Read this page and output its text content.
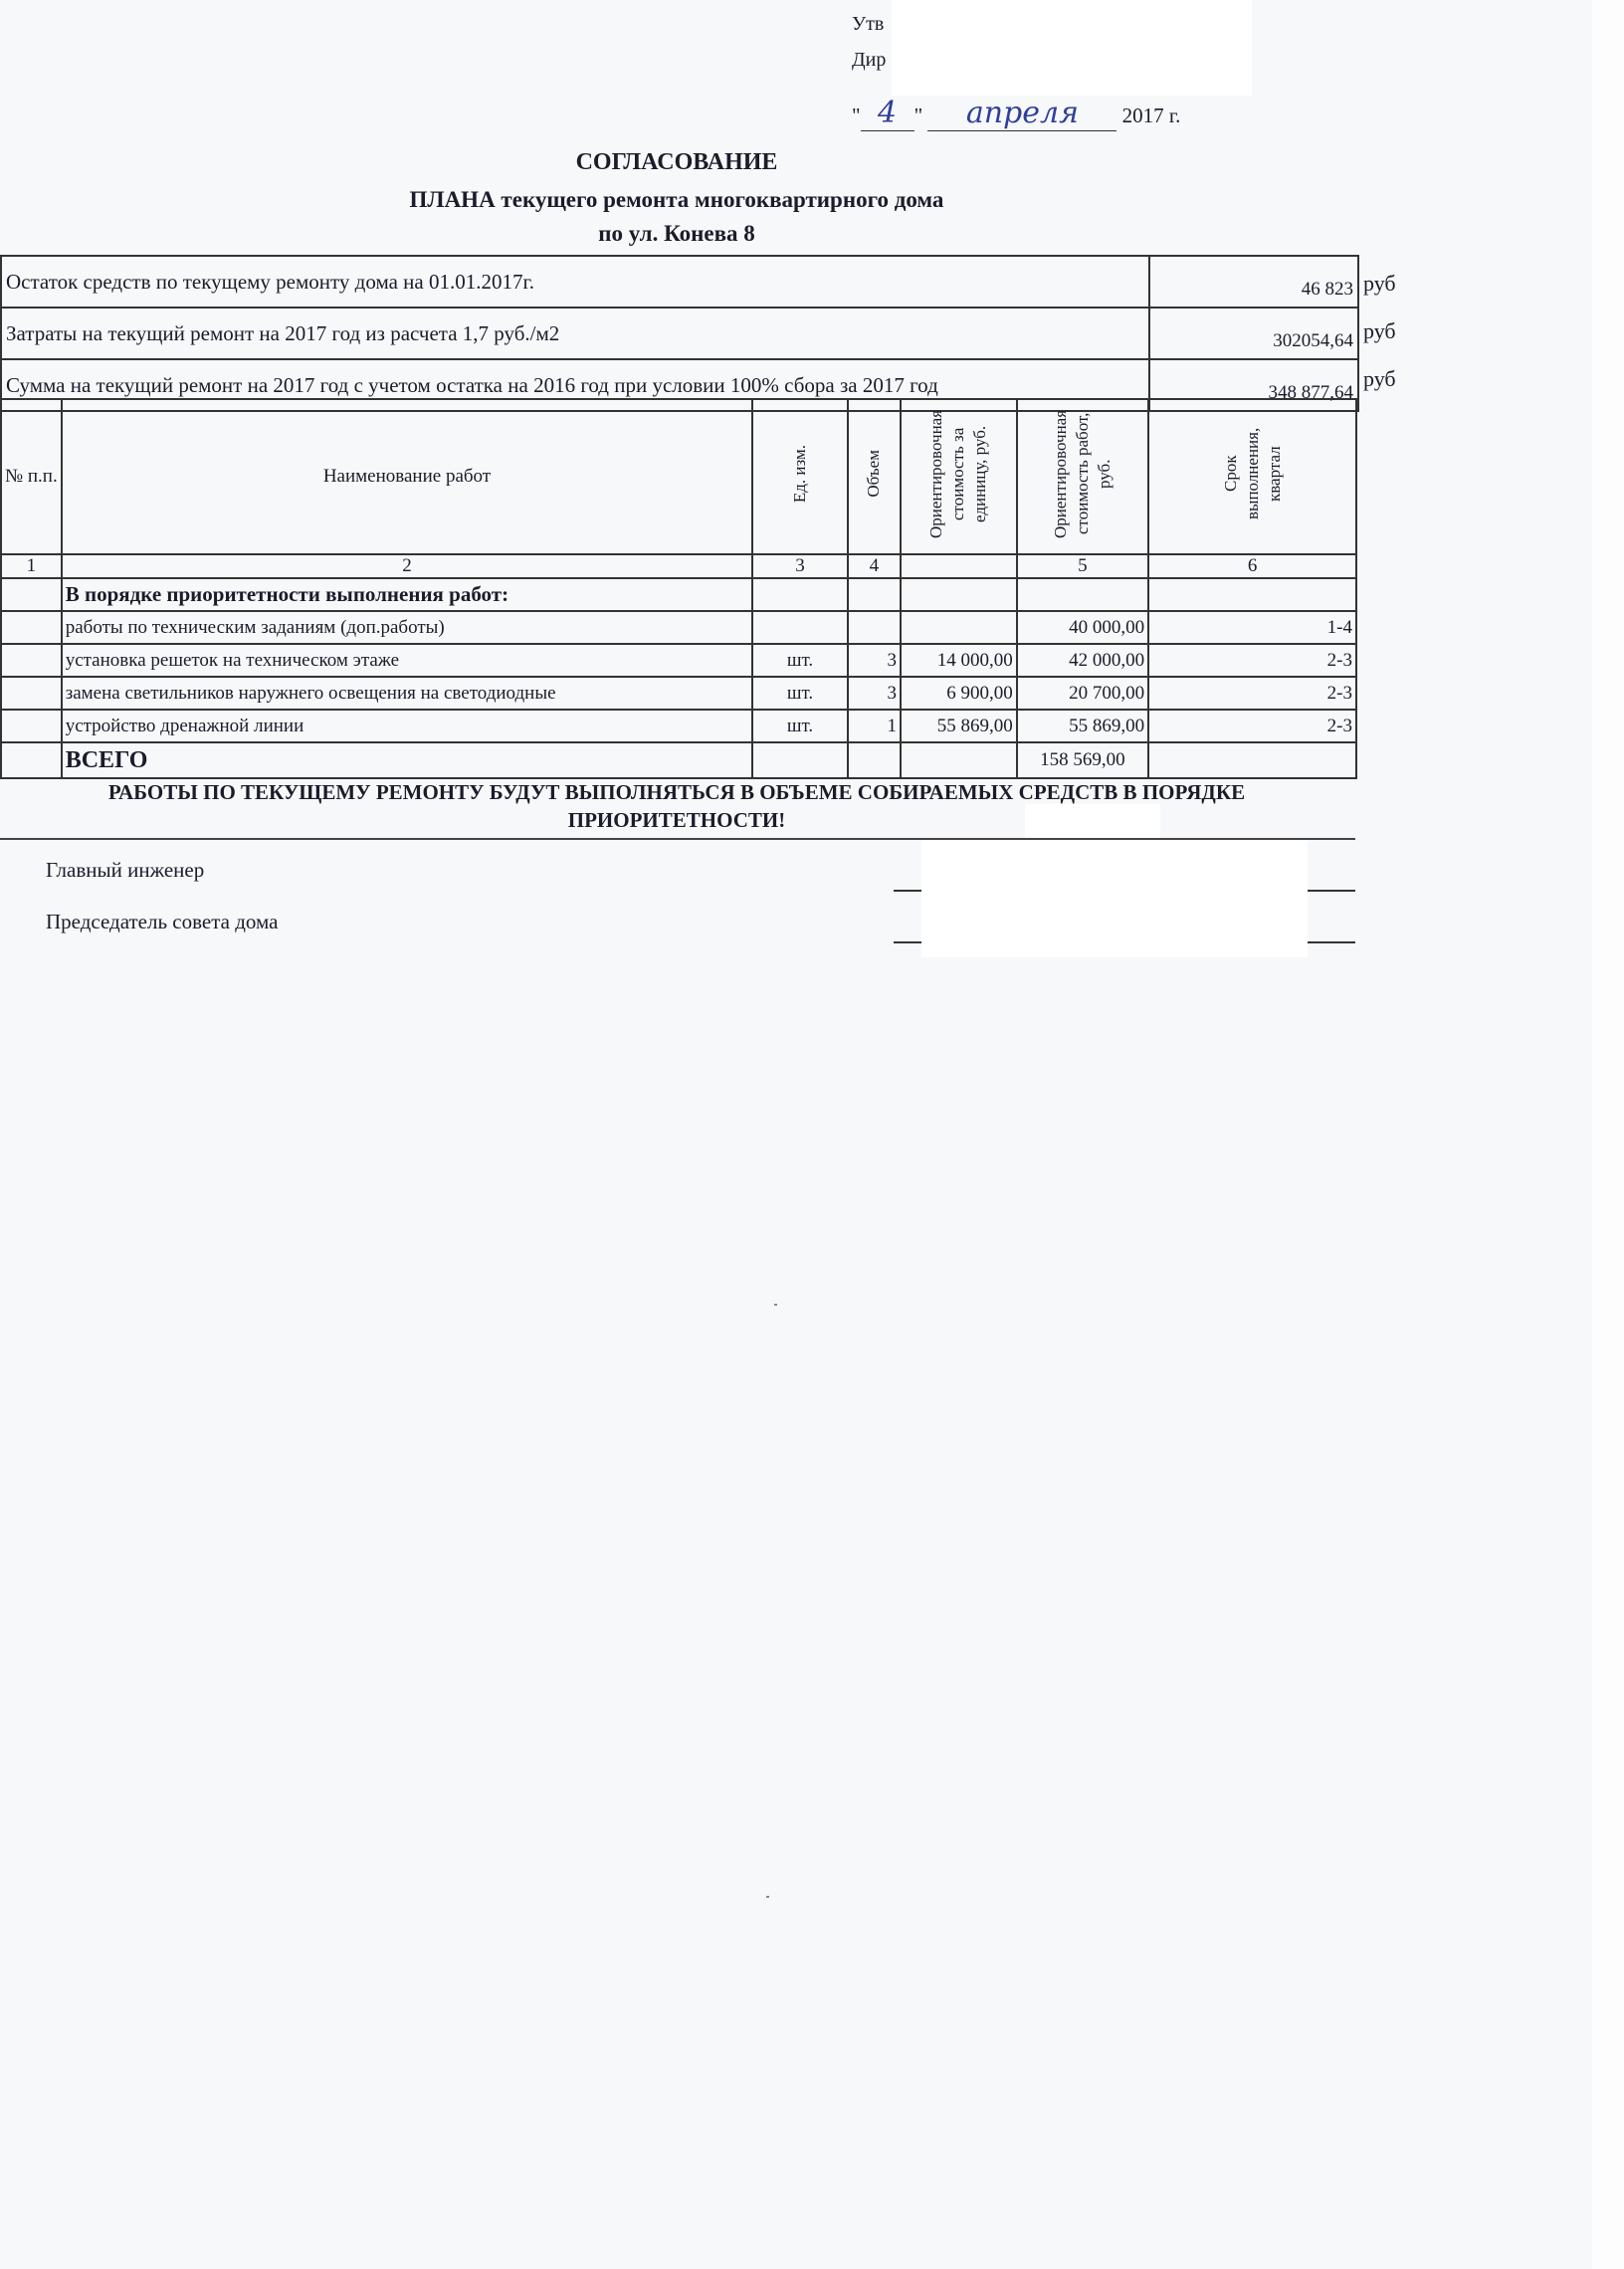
Утв
Дир
" 4 " апреля 2017 г.
СОГЛАСОВАНИЕ
ПЛАНА текущего ремонта многоквартирного дома
по ул. Конева 8
Остаток средств по текущему ремонту дома на 01.01.2017г.	46 823
Затраты на текущий ремонт на 2017 год из расчета 1,7 руб./м2	302054,64
Сумма на текущий ремонт на 2017 год с учетом остатка на 2016 год при условии 100% сбора за 2017 год	348 877,64
руб
руб
руб
№ п.п.	Наименование работ	Ед. изм.	Объем	Ориентировочная стоимость за единицу, руб.	Ориентировочная стоимость работ, руб.	Срок выполнения, квартал
1	2	3	4		5	6
	В порядке приоритетности выполнения работ:					
	работы по техническим заданиям (доп.работы)				40 000,00	1-4
	установка решеток на техническом этаже	шт.	3	14 000,00	42 000,00	2-3
	замена светильников наружнего освещения на светодиодные	шт.	3	6 900,00	20 700,00	2-3
	устройство дренажной линии	шт.	1	55 869,00	55 869,00	2-3
	ВСЕГО				158 569,00	
РАБОТЫ ПО ТЕКУЩЕМУ РЕМОНТУ БУДУТ ВЫПОЛНЯТЬСЯ В ОБЪЕМЕ СОБИРАЕМЫХ СРЕДСТВ В ПОРЯДКЕ ПРИОРИТЕТНОСТИ!
Главный инженер
Председатель совета дома
